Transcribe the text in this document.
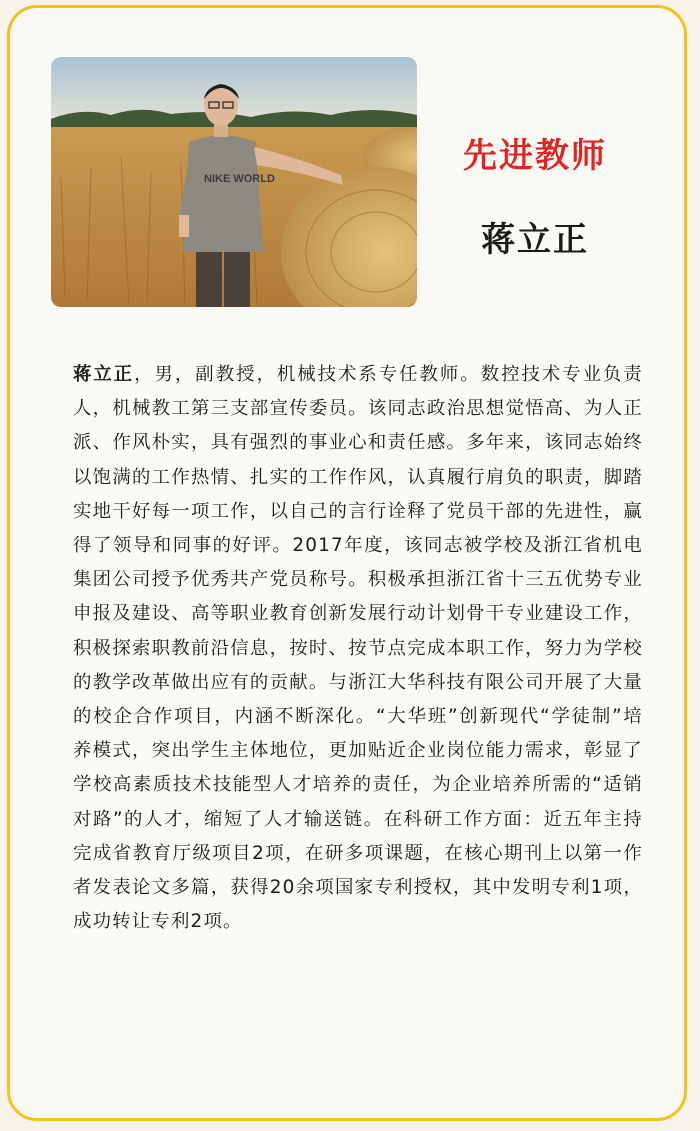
NIKE WORLD
先进教师
蒋立正

蒋立正，男，副教授，机械技术系专任教师。数控技术专业负责人，机械教工第三支部宣传委员。该同志政治思想觉悟高、为人正派、作风朴实，具有强烈的事业心和责任感。多年来，该同志始终以饱满的工作热情、扎实的工作作风，认真履行肩负的职责，脚踏实地干好每一项工作，以自己的言行诠释了党员干部的先进性，赢得了领导和同事的好评。2017年度，该同志被学校及浙江省机电集团公司授予优秀共产党员称号。积极承担浙江省十三五优势专业申报及建设、高等职业教育创新发展行动计划骨干专业建设工作，积极探索职教前沿信息，按时、按节点完成本职工作，努力为学校的教学改革做出应有的贡献。与浙江大华科技有限公司开展了大量的校企合作项目，内涵不断深化。“大华班”创新现代“学徒制”培养模式，突出学生主体地位，更加贴近企业岗位能力需求，彰显了学校高素质技术技能型人才培养的责任，为企业培养所需的“适销对路”的人才，缩短了人才输送链。在科研工作方面：近五年主持完成省教育厅级项目2项，在研多项课题，在核心期刊上以第一作者发表论文多篇，获得20余项国家专利授权，其中发明专利1项，成功转让专利2项。
